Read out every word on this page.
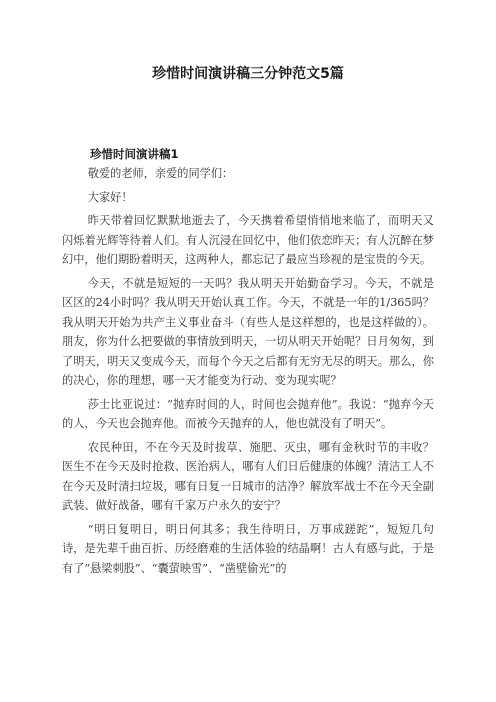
珍惜时间演讲稿三分钟范文5篇
珍惜时间演讲稿1

敬爱的老师，亲爱的同学们：

大家好！

昨天带着回忆默默地逝去了，今天携着希望悄悄地来临了，而明天又闪烁着光辉等待着人们。有人沉浸在回忆中，他们依恋昨天；有人沉醉在梦幻中，他们期盼着明天，这两种人，都忘记了最应当珍视的是宝贵的今天。

今天，不就是短短的一天吗？我从明天开始勤奋学习。今天，不就是区区的24小时吗？我从明天开始认真工作。今天，不就是一年的1/365吗？我从明天开始为共产主义事业奋斗（有些人是这样想的，也是这样做的）。朋友，你为什么把要做的事情放到明天，一切从明天开始呢？日月匆匆，到了明天，明天又变成今天，而每个今天之后都有无穷无尽的明天。那么，你的决心，你的理想，哪一天才能变为行动、变为现实呢？

莎士比亚说过：“抛弃时间的人，时间也会抛弃他”。我说：“抛弃今天的人，今天也会抛弃他。而被今天抛弃的人，他也就没有了明天”。

农民种田，不在今天及时拔草、施肥、灭虫，哪有金秋时节的丰收？医生不在今天及时抢救、医治病人，哪有人们日后健康的体魄？清洁工人不在今天及时清扫垃圾，哪有日复一日城市的洁净？解放军战士不在今天全副武装、做好战备，哪有千家万户永久的安宁？

“明日复明日，明日何其多；我生待明日，万事成蹉跎”，短短几句诗，是先辈千曲百折、历经磨难的生活体验的结晶啊！古人有感与此，于是有了“悬梁刺股”、“囊萤映雪”、“凿壁偷光”的
